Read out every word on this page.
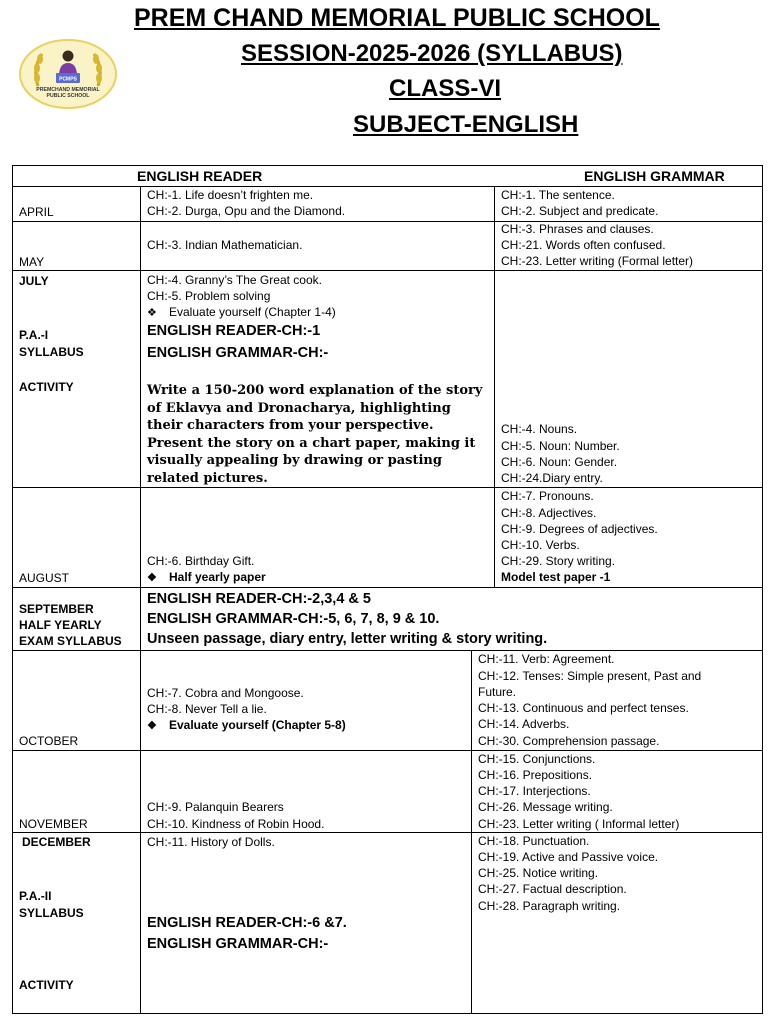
PREM CHAND MEMORIAL PUBLIC SCHOOL
SESSION-2025-2026 (SYLLABUS)
CLASS-VI
SUBJECT-ENGLISH
PCMPS
PREMCHAND MEMORIAL
PUBLIC SCHOOL
ENGLISH READER	ENGLISH GRAMMAR
APRIL
CH:-1. Life doesn’t frighten me.
CH:-2. Durga, Opu and the Diamond.
CH:-1. The sentence.
CH:-2. Subject and predicate.
MAY
CH:-3. Indian Mathematician.
CH:-3. Phrases and clauses.
CH:-21. Words often confused.
CH:-23. Letter writing (Formal letter)
JULY
P.A.-I
SYLLABUS
ACTIVITY
CH:-4. Granny’s The Great cook.
CH:-5. Problem solving
❖ Evaluate yourself (Chapter 1-4)
ENGLISH READER-CH:-1
ENGLISH GRAMMAR-CH:-
Write a 150-200 word explanation of the story of Eklavya and Dronacharya, highlighting their characters from your perspective. Present the story on a chart paper, making it visually appealing by drawing or pasting related pictures.
CH:-4. Nouns.
CH:-5. Noun: Number.
CH:-6. Noun: Gender.
CH:-24.Diary entry.
AUGUST
CH:-6. Birthday Gift.
❖ Half yearly paper
CH:-7. Pronouns.
CH:-8. Adjectives.
CH:-9. Degrees of adjectives.
CH:-10. Verbs.
CH:-29. Story writing.
Model test paper -1
SEPTEMBER
HALF YEARLY
EXAM SYLLABUS
ENGLISH READER-CH:-2,3,4 & 5
ENGLISH GRAMMAR-CH:-5, 6, 7, 8, 9 & 10.
Unseen passage, diary entry, letter writing & story writing.
OCTOBER
CH:-7. Cobra and Mongoose.
CH:-8. Never Tell a lie.
❖ Evaluate yourself (Chapter 5-8)
CH:-11. Verb: Agreement.
CH:-12. Tenses: Simple present, Past and
Future.
CH:-13. Continuous and perfect tenses.
CH:-14. Adverbs.
CH:-30. Comprehension passage.
NOVEMBER
CH:-9. Palanquin Bearers
CH:-10. Kindness of Robin Hood.
CH:-15. Conjunctions.
CH:-16. Prepositions.
CH:-17. Interjections.
CH:-26. Message writing.
CH:-23. Letter writing ( Informal letter)
DECEMBER
P.A.-II
SYLLABUS
ACTIVITY
CH:-11. History of Dolls.
ENGLISH READER-CH:-6 &7.
ENGLISH GRAMMAR-CH:-
CH:-18. Punctuation.
CH:-19. Active and Passive voice.
CH:-25. Notice writing.
CH:-27. Factual description.
CH:-28. Paragraph writing.
